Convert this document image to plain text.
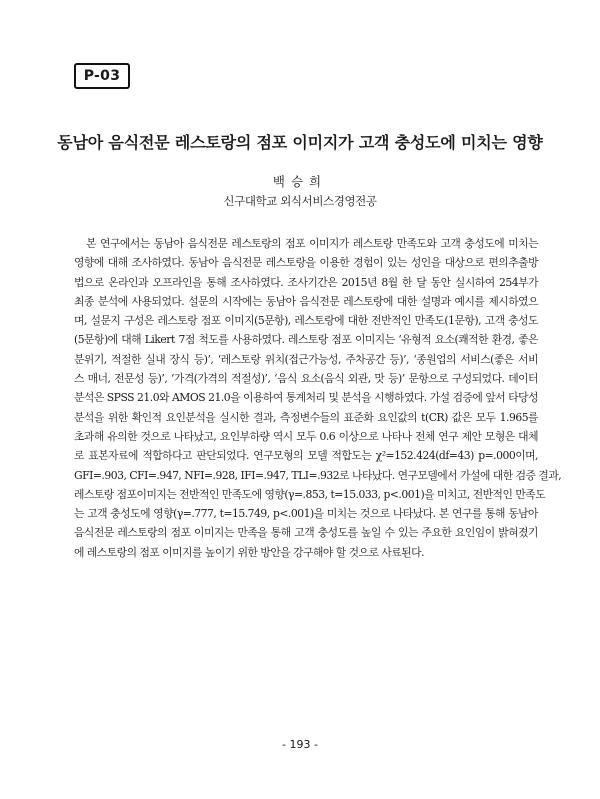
P-03
동남아 음식전문 레스토랑의 점포 이미지가 고객 충성도에 미치는 영향
백승희
신구대학교 외식서비스경영전공
본 연구에서는 동남아 음식전문 레스토랑의 점포 이미지가 레스토랑 만족도와 고객 충성도에 미치는
영향에 대해 조사하였다. 동남아 음식전문 레스토랑을 이용한 경험이 있는 성인을 대상으로 편의추출방
법으로 온라인과 오프라인을 통해 조사하였다. 조사기간은 2015년 8월 한 달 동안 실시하여 254부가
최종 분석에 사용되었다. 설문의 시작에는 동남아 음식전문 레스토랑에 대한 설명과 예시를 제시하였으
며, 설문지 구성은 레스토랑 점포 이미지(5문항), 레스토랑에 대한 전반적인 만족도(1문항), 고객 충성도
(5문항)에 대해 Likert 7점 척도를 사용하였다. 레스토랑 점포 이미지는 ‘유형적 요소(쾌적한 환경, 좋은
분위기, 적절한 실내 장식 등)’, ‘레스토랑 위치(접근가능성, 주차공간 등)’, ‘종원업의 서비스(좋은 서비
스 매너, 전문성 등)’, ‘가격(가격의 적절성)’, ‘음식 요소(음식 외관, 맛 등)’ 문항으로 구성되었다. 데이터
분석은 SPSS 21.0와 AMOS 21.0을 이용하여 통계처리 및 분석을 시행하였다. 가설 검증에 앞서 타당성
분석을 위한 확인적 요인분석을 실시한 결과, 측정변수들의 표준화 요인값의 t(CR) 값은 모두 1.965를
초과해 유의한 것으로 나타났고, 요인부하량 역시 모두 0.6 이상으로 나타나 전체 연구 제안 모형은 대체
로 표본자료에 적합하다고 판단되었다. 연구모형의 모델 적합도는 χ²=152.424(df=43) p=.000이며,
GFI=.903, CFI=.947, NFI=.928, IFI=.947, TLI=.932로 나타났다. 연구모델에서 가설에 대한 검증 결과,
레스토랑 점포이미지는 전반적인 만족도에 영향(γ=.853, t=15.033, p<.001)을 미치고, 전반적인 만족도
는 고객 충성도에 영향(γ=.777, t=15.749, p<.001)을 미치는 것으로 나타났다. 본 연구를 통해 동남아
음식전문 레스토랑의 점포 이미지는 만족을 통해 고객 충성도를 높일 수 있는 주요한 요인임이 밝혀졌기
에 레스토랑의 점포 이미지를 높이기 위한 방안을 강구해야 할 것으로 사료된다.
- 193 -
